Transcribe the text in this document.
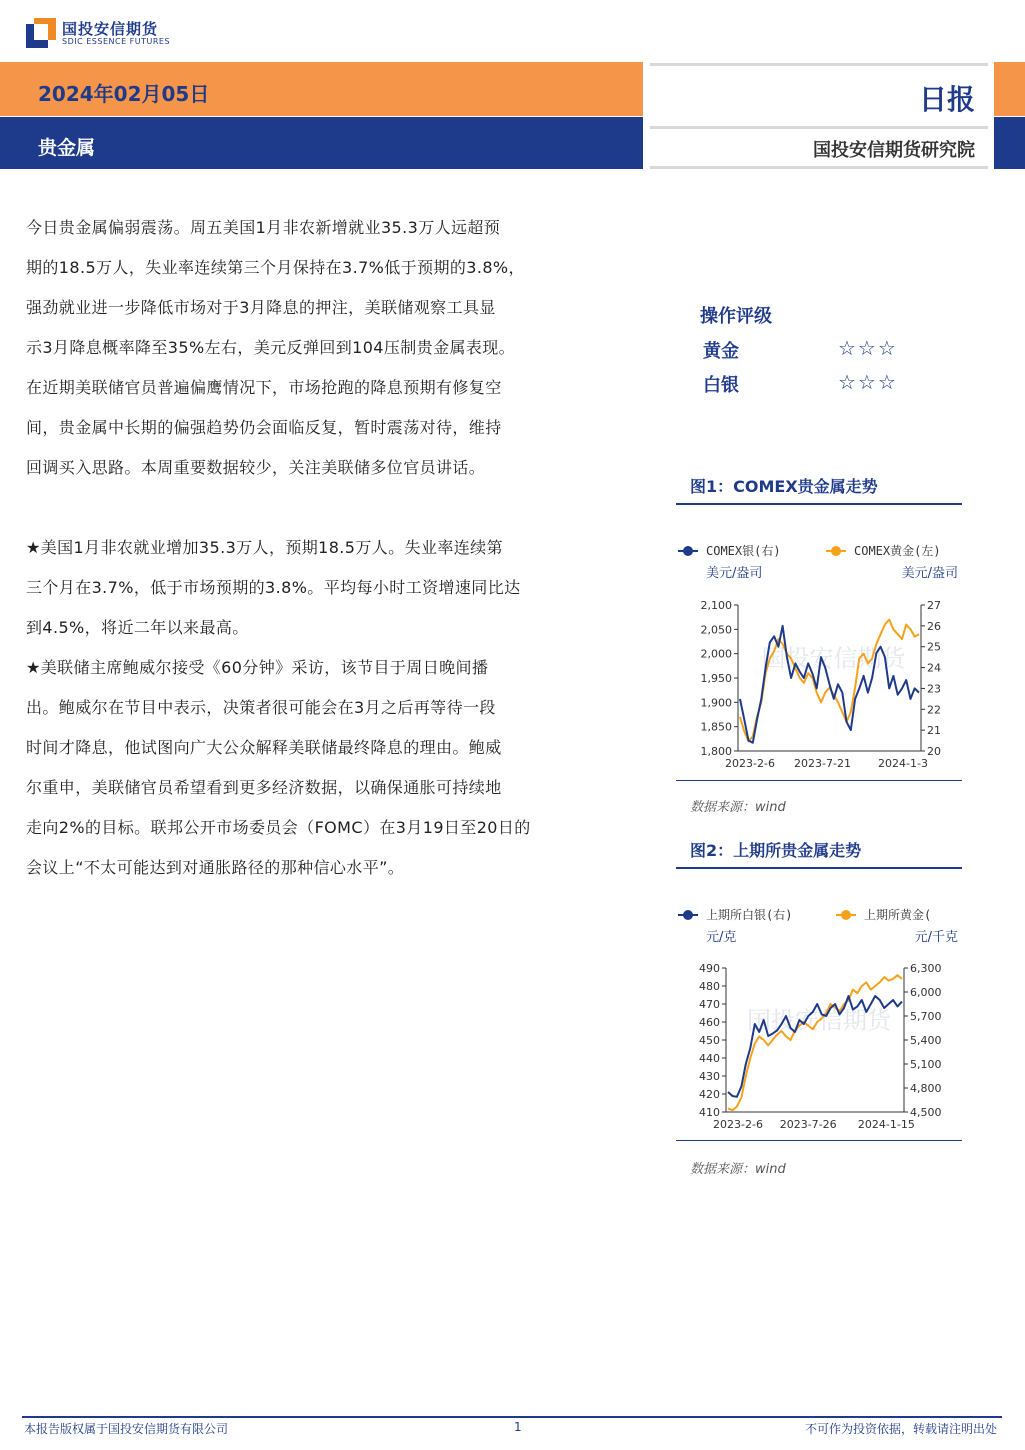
国投安信期货
SDIC ESSENCE FUTURES
2024年02月05日
贵金属
日报
国投安信期货研究院
今日贵金属偏弱震荡。周五美国1月非农新增就业35.3万人远超预
期的18.5万人，失业率连续第三个月保持在3.7%低于预期的3.8%，
强劲就业进一步降低市场对于3月降息的押注，美联储观察工具显
示3月降息概率降至35%左右，美元反弹回到104压制贵金属表现。
在近期美联储官员普遍偏鹰情况下，市场抢跑的降息预期有修复空
间，贵金属中长期的偏强趋势仍会面临反复，暂时震荡对待，维持
回调买入思路。本周重要数据较少，关注美联储多位官员讲话。
★美国1月非农就业增加35.3万人，预期18.5万人。失业率连续第
三个月在3.7%，低于市场预期的3.8%。平均每小时工资增速同比达
到4.5%，将近二年以来最高。
★美联储主席鲍威尔接受《60分钟》采访，该节目于周日晚间播
出。鲍威尔在节目中表示，决策者很可能会在3月之后再等待一段
时间才降息，他试图向广大公众解释美联储最终降息的理由。鲍威
尔重申，美联储官员希望看到更多经济数据，以确保通胀可持续地
走向2%的目标。联邦公开市场委员会（FOMC）在3月19日至20日的
会议上“不太可能达到对通胀路径的那种信心水平”。
操作评级
黄金	☆☆☆
白银	☆☆☆
图1：COMEX贵金属走势
国投安信期货
COMEX银(右)	COMEX黄金(左)
美元/盎司	美元/盎司
1,800
1,850
1,900
1,950
2,000
2,050
2,100
20
21
22
23
24
25
26
27
2023-2-6 2023-7-21 2024-1-3
数据来源：wind
图2：上期所贵金属走势
国投安信期货
上期所白银(右)	上期所黄金(
元/克	元/千克
410
420
430
440
450
460
470
480
490
4,500
4,800
5,100
5,400
5,700
6,000
6,300
2023-2-6 2023-7-26 2024-1-15
数据来源：wind
本报告版权属于国投安信期货有限公司	1	不可作为投资依据，转载请注明出处
